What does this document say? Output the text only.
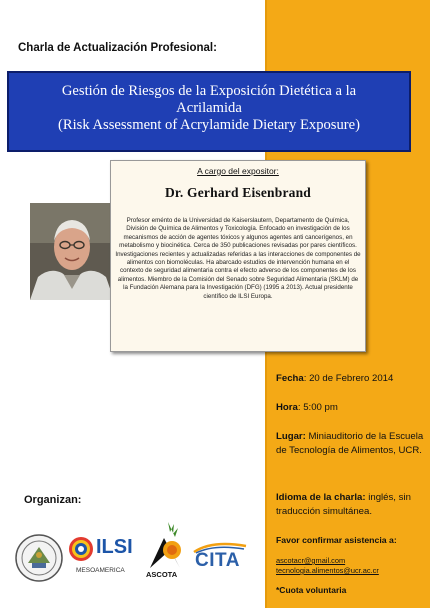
Charla de Actualización Profesional:
Gestión de Riesgos de la Exposición Dietética a la
Acrilamida
(Risk Assessment of Acrylamide Dietary Exposure)
A cargo del expositor:
Dr. Gerhard Eisenbrand
Profesor eménto de la Universidad de Kaiserslautern, Departamento de Química, División de Química de Alimentos y Toxicología. Enfocado en investigación de los mecanismos de acción de agentes tóxicos y algunos agentes anti cancerígenos, en metabolismo y biocinética. Cerca de 350 publicaciones revisadas por pares científicos. Investigaciones recientes y actualizadas referidas a las interacciones de componentes de alimentos con biomoléculas. Ha abarcado estudios de intervención humana en el contexto de seguridad alimentaria contra el efecto adverso de los componentes de los alimentos. Miembro de la Comisión del Senado sobre Seguridad Alimentaria (SKLM) de la Fundación Alemana para la Investigación (DFG) (1995 a 2013). Actual presidente científico de ILSI Europa.
Fecha: 20 de Febrero 2014
Hora: 5:00 pm
Lugar: Miniauditorio de la Escuela de Tecnología de Alimentos, UCR.
Idioma de la charla: inglés, sin traducción simultánea.
Favor confirmar asistencia a:
ascotacr@gmail.com
tecnologia.alimentos@ucr.ac.cr
*Cuota voluntaria
Organizan:
ILSI
MESOAMERICA	ASCOTA
CITA
